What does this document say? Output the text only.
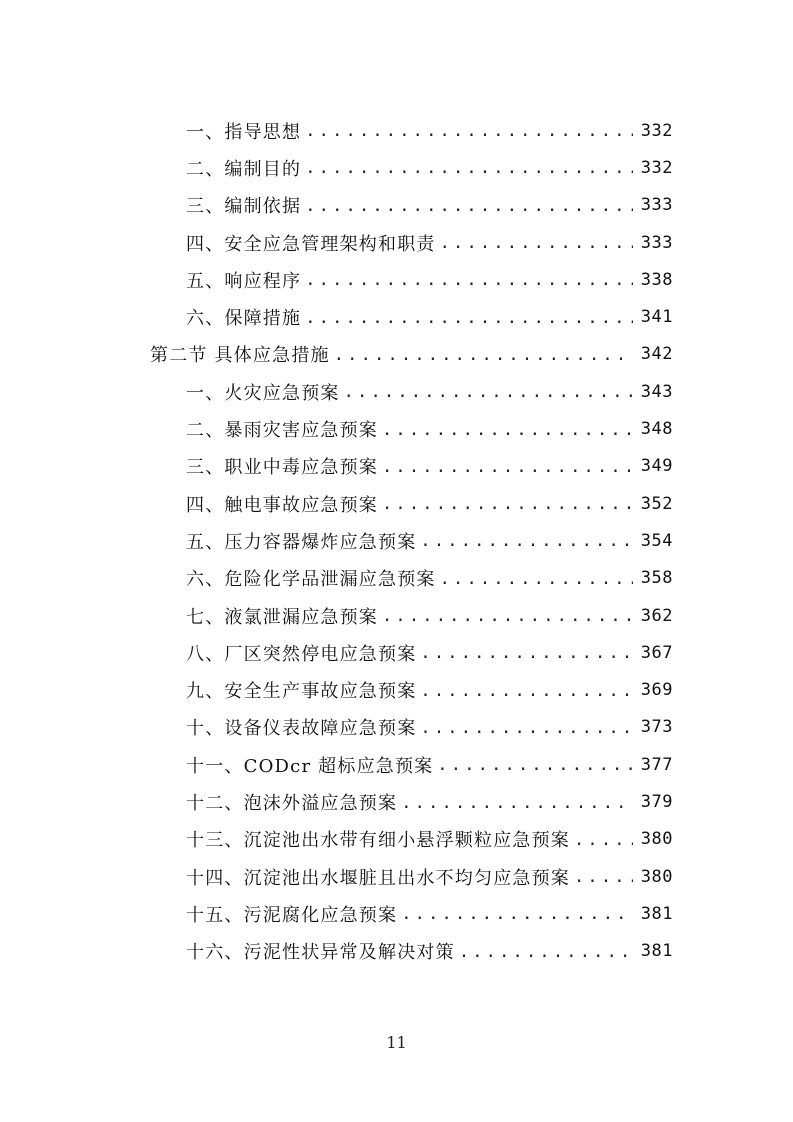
一、指导思想 .....	332
二、编制目的 .....	332
三、编制依据 .....	333
四、安全应急管理架构和职责 .....	333
五、响应程序 .....	338
六、保障措施 .....	341
第二节 具体应急措施 .....	342
一、火灾应急预案 .....	343
二、暴雨灾害应急预案 .....	348
三、职业中毒应急预案 .....	349
四、触电事故应急预案 .....	352
五、压力容器爆炸应急预案 .....	354
六、危险化学品泄漏应急预案 .....	358
七、液氯泄漏应急预案 .....	362
八、厂区突然停电应急预案 .....	367
九、安全生产事故应急预案 .....	369
十、设备仪表故障应急预案 .....	373
十一、CODcr 超标应急预案 .....	377
十二、泡沫外溢应急预案 .....	379
十三、沉淀池出水带有细小悬浮颗粒应急预案 .....	380
十四、沉淀池出水堰脏且出水不均匀应急预案 .....	380
十五、污泥腐化应急预案 .....	381
十六、污泥性状异常及解决对策 .....	381
11
